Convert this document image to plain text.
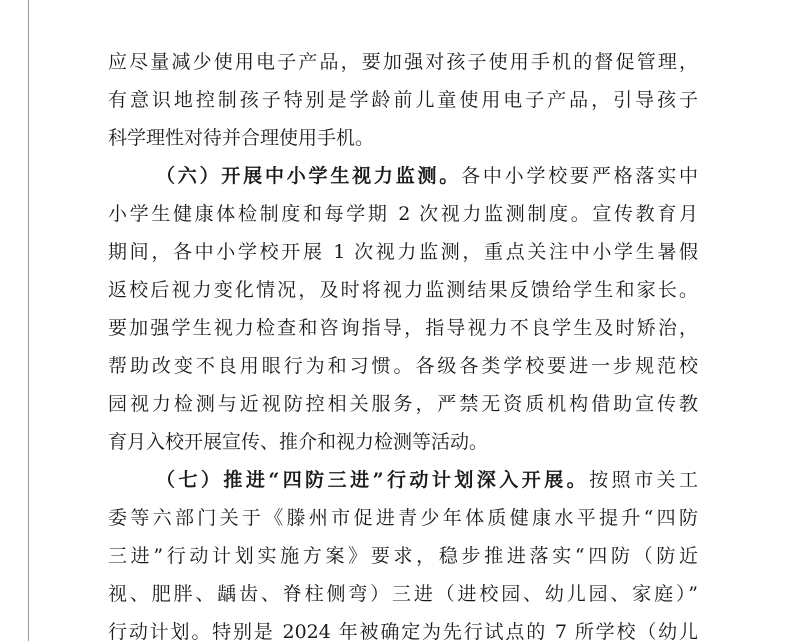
应尽量减少使用电子产品，要加强对孩子使用手机的督促管理，
有意识地控制孩子特别是学龄前儿童使用电子产品，引导孩子
科学理性对待并合理使用手机。
（六）开展中小学生视力监测。各中小学校要严格落实中
小学生健康体检制度和每学期 2 次视力监测制度。宣传教育月
期间，各中小学校开展 1 次视力监测，重点关注中小学生暑假
返校后视力变化情况，及时将视力监测结果反馈给学生和家长。
要加强学生视力检查和咨询指导，指导视力不良学生及时矫治，
帮助改变不良用眼行为和习惯。各级各类学校要进一步规范校
园视力检测与近视防控相关服务，严禁无资质机构借助宣传教
育月入校开展宣传、推介和视力检测等活动。
（七）推进“四防三进”行动计划深入开展。按照市关工
委等六部门关于《滕州市促进青少年体质健康水平提升“四防
三进”行动计划实施方案》要求，稳步推进落实“四防（防近
视、肥胖、龋齿、脊柱侧弯）三进（进校园、幼儿园、家庭）”
行动计划。特别是 2024 年被确定为先行试点的 7 所学校（幼儿
